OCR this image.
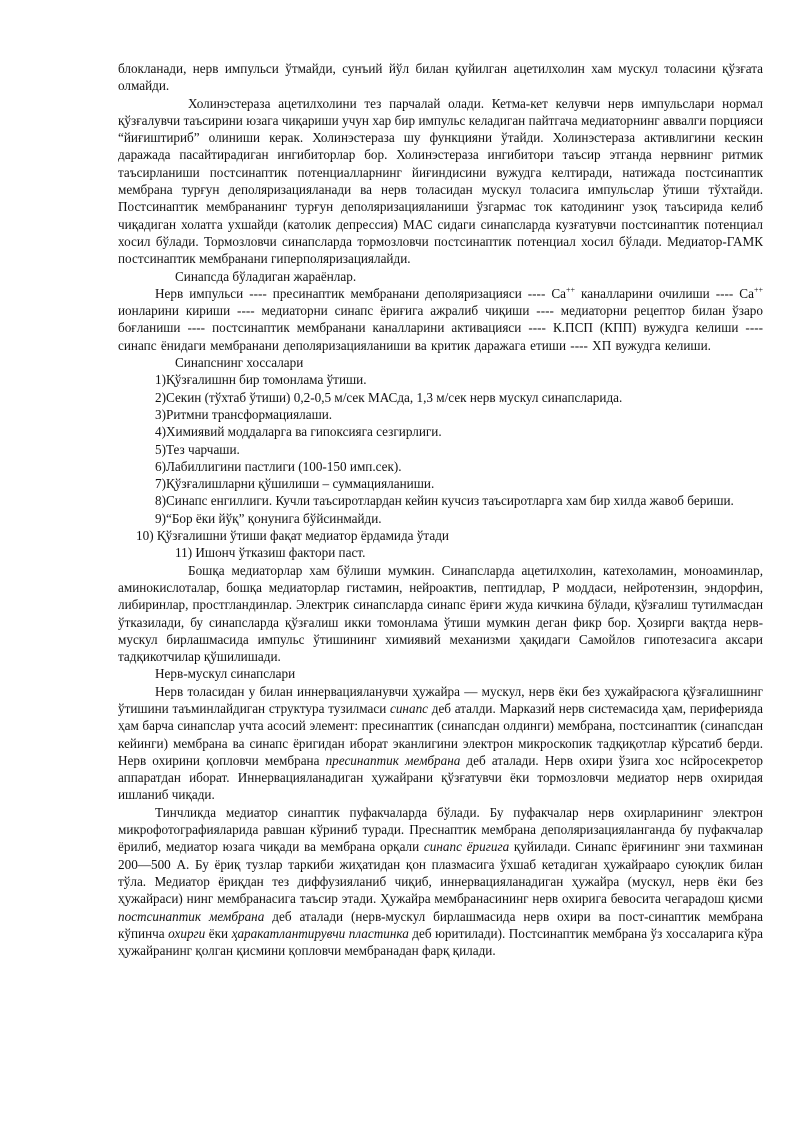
блокланади, нерв импульси ўтмайди, сунъий йўл билан қуйилган ацетилхолин хам мускул толасини қўзғата олмайди.

Холинэстераза ацетилхолини тез парчалай олади. Кетма-кет келувчи нерв импульслари нормал қўзғалувчи таъсирини юзага чиқариши учун хар бир импульс келадиган пайтгача медиаторнинг аввалги порцияси “йиғиштириб” олиниши керак. Холинэстераза шу функцияни ўтайди. Холинэстераза активлигини кескин даражада пасайтирадиган ингибиторлар бор. Холинэстераза ингибитори таъсир этганда нервнинг ритмик таъсирланиши постсинаптик потенциалларнинг йиғиндисини вужудга келтиради, натижада постсинаптик мембрана турғун деполяризацияланади ва нерв толасидан мускул толасига импульслар ўтиши тўхтайди. Постсинаптик мембрананинг турғун деполяризацияланиши ўзгармас ток катодининг узоқ таъсирида келиб чиқадиган холатга ухшайди (католик депрессия) МАС сидаги синапсларда кузғатувчи постсинаптик потенциал хосил бўлади. Тормозловчи синапсларда тормозловчи постсинаптик потенциал хосил бўлади. Медиатор-ГАМК постсинаптик мембранани гиперполяризациялайди.

Синапсда бўладиган жараёнлар.

Нерв импульси ---- пресинаптик мембранани деполяризацияси ---- Са++ каналларини очилиши ---- Са++ ионларини кириши ---- медиаторни синапс ёриғига ажралиб чиқиши ---- медиаторни рецептор билан ўзаро боғланиши ---- постсинаптик мембранани каналларини активацияси ---- К.ПСП (КПП) вужудга келиши ---- синапс ёнидаги мембранани деполяризацияланиши ва критик даражага етиши ---- ХП вужудга келиши.

Синапснинг хоссалари

1)Қўзғалишнн бир томонлама ўтиши.

2)Секин (тўхтаб ўтиши) 0,2-0,5 м/сек МАСда, 1,3 м/сек нерв мускул синапсларида.

3)Ритмни трансформациялаши.

4)Химиявий моддаларга ва гипоксияга сезгирлиги.

5)Тез чарчаши.

6)Лабиллигини пастлиги (100-150 имп.сек).

7)Қўзғалишларни қўшилиши – суммацияланиши.

8)Синапс енгиллиги. Кучли таъсиротлардан кейин кучсиз таъсиротларга хам бир хилда жавоб бериши.

9)“Бор ёки йўқ” қонунига бўйсинмайди.

10) Қўзғалишни ўтиши фақат медиатор ёрдамида ўтади

11) Ишонч ўтказиш фактори паст.

Бошқа медиаторлар хам бўлиши мумкин. Синапсларда ацетилхолин, катехоламин, моноаминлар, аминокислоталар, бошқа медиаторлар гистамин, нейроактив, пептидлар, Р моддаси, нейротензин, эндорфин, либиринлар, простгландинлар. Электрик синапсларда синапс ёриғи жуда кичкина бўлади, қўзғалиш тутилмасдан ўтказилади, бу синапсларда қўзғалиш икки томонлама ўтиши мумкин деган фикр бор. Ҳозирги вақтда нерв-мускул бирлашмасида импульс ўтишининг химиявий механизми ҳақидаги Самойлов гипотезасига аксари тадқикотчилар қўшилишади.

Нерв-мускул синапслари

Нерв толасидан у билан иннервацияланувчи ҳужайра — мускул, нерв ёки без ҳужайрасюга қўзғалишнинг ўтишини таъминлайдиган структура тузилмаси синапс деб аталди. Марказий нерв системасида ҳам, периферияда ҳам барча синапслар учта асосий элемент: пресинаптик (синапсдан олдинги) мембрана, постсинаптик (синапсдан кейинги) мембрана ва синапс ёригидан иборат эканлигини электрон микроскопик тадқиқотлар кўрсатиб берди. Нерв охирини қопловчи мембрана пресинаптик мембрана деб аталади. Нерв охири ўзига хос нсйросекретор аппаратдан иборат. Иннервацияланадиган ҳужайрани қўзғатувчи ёки тормозловчи медиатор нерв охиридая ишланиб чиқади.

Тинчликда медиатор синаптик пуфакчаларда бўлади. Бу пуфакчалар нерв охирларининг электрон микрофотографияларида равшан кўриниб туради. Преснаптик мембрана деполяризацияланганда бу пуфакчалар ёрилиб, медиатор юзага чиқади ва мембрана орқали синапс ёригига қуйилади. Синапс ёриғининг эни тахминан 200—500 А. Бу ёриқ тузлар таркиби жиҳатидан қон плазмасига ўхшаб кетадиган ҳужайрааро суюқлик билан тўла. Медиатор ёриқдан тез диффузияланиб чиқиб, иннервацияланадиган ҳужайра (мускул, нерв ёки без ҳужайраси) нинг мембранасига таъсир этади. Ҳужайра мембранасининг нерв охирига бевосита чегарадош қисми постсинаптик мембрана деб аталади (нерв-мускул бирлашмасида нерв охири ва пост-синаптик мембрана кўпинча охирги ёки ҳаракатлантирувчи пластинка деб юритилади). Постсинаптик мембрана ўз хоссаларига кўра ҳужайранинг қолган қисмини қопловчи мембранадан фарқ қилади.
